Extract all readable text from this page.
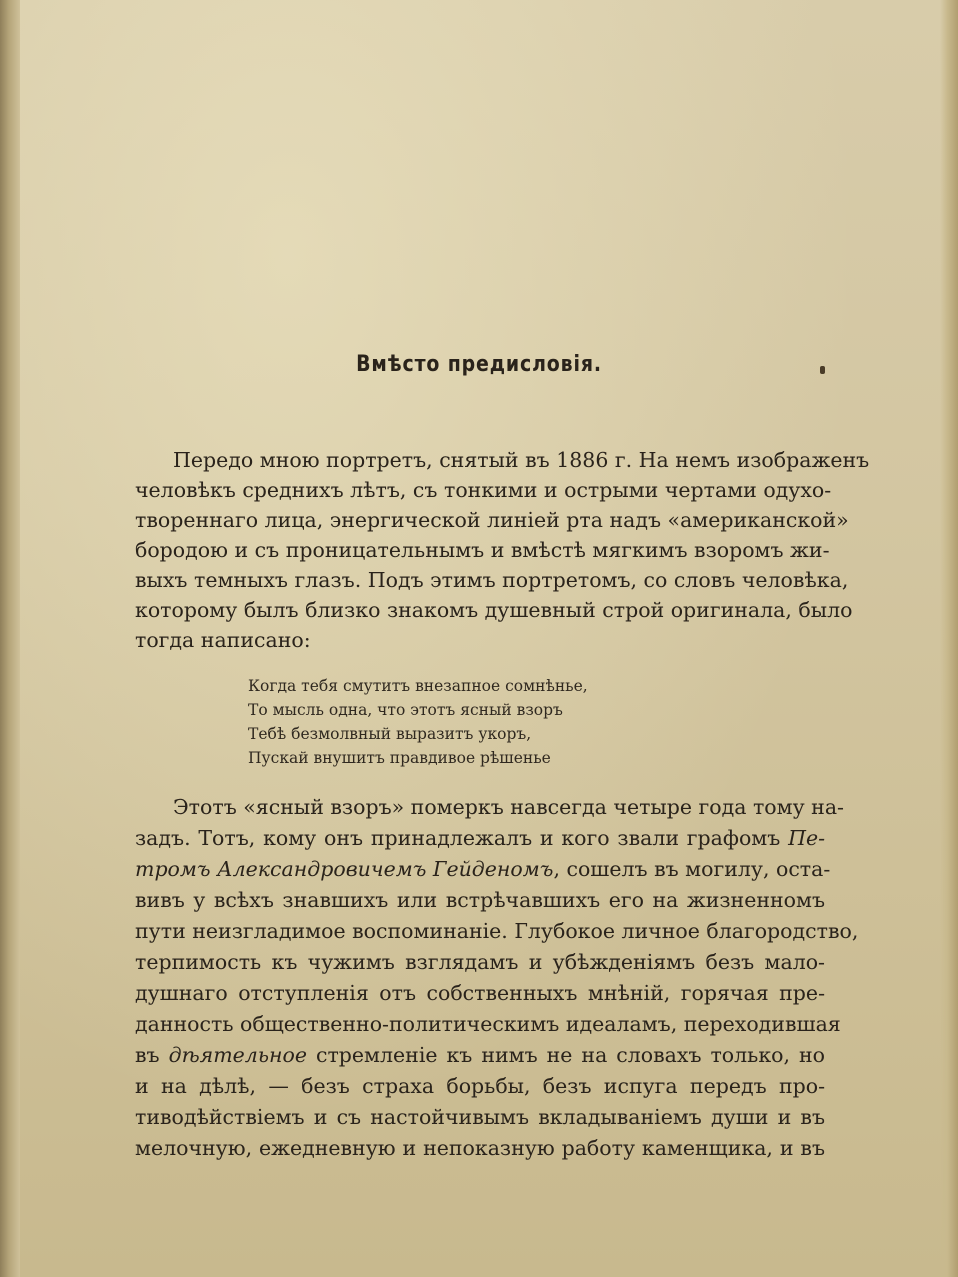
Вмѣсто предисловія.
Передо мною портретъ, снятый въ 1886 г. На немъ изображенъ
человѣкъ среднихъ лѣтъ, съ тонкими и острыми чертами одухо-
твореннаго лица, энергической линіей рта надъ «американской»
бородою и съ проницательнымъ и вмѣстѣ мягкимъ взоромъ жи-
выхъ темныхъ глазъ. Подъ этимъ портретомъ, со словъ человѣка,
которому былъ близко знакомъ душевный строй оригинала, было
тогда написано:
Когда тебя смутитъ внезапное сомнѣнье,
То мысль одна, что этотъ ясный взоръ
Тебѣ безмолвный выразитъ укоръ,
Пускай внушитъ правдивое рѣшенье
Этотъ «ясный взоръ» померкъ навсегда четыре года тому на-
задъ. Тотъ, кому онъ принадлежалъ и кого звали графомъ Пе-
тромъ Александровичемъ Гейденомъ, сошелъ въ могилу, оста-
вивъ у всѣхъ знавшихъ или встрѣчавшихъ его на жизненномъ
пути неизгладимое воспоминаніе. Глубокое личное благородство,
терпимость къ чужимъ взглядамъ и убѣжденіямъ безъ мало-
душнаго отступленія отъ собственныхъ мнѣній, горячая пре-
данность общественно-политическимъ идеаламъ, переходившая
въ дѣятельное стремленіе къ нимъ не на словахъ только, но
и на дѣлѣ, — безъ страха борьбы, безъ испуга передъ про-
тиводѣйствіемъ и съ настойчивымъ вкладываніемъ души и въ
мелочную, ежедневную и непоказную работу каменщика, и въ
